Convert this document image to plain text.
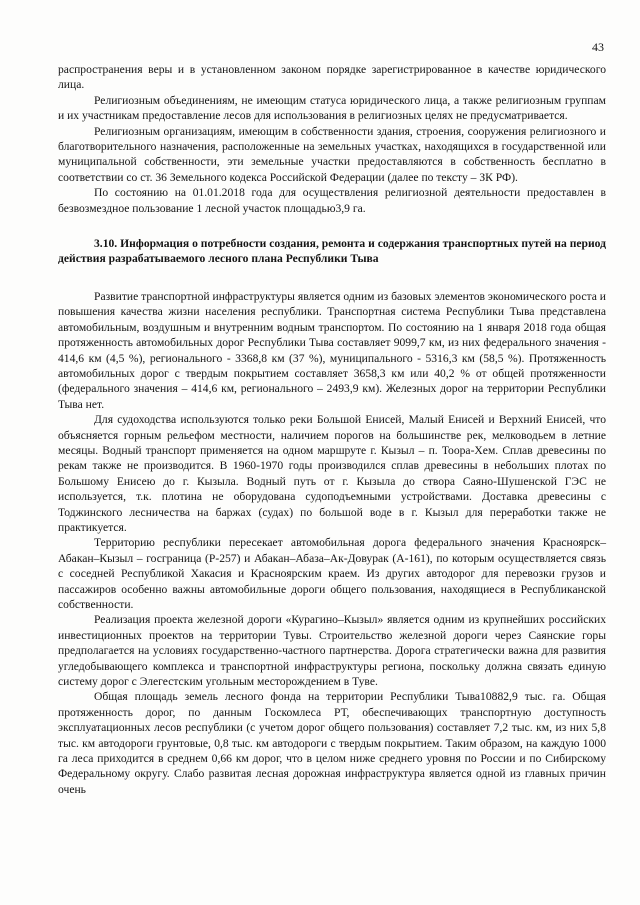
43

распространения веры и в установленном законом порядке зарегистрированное в качестве юридического лица.

Религиозным объединениям, не имеющим статуса юридического лица, а также религиозным группам и их участникам предоставление лесов для использования в религиозных целях не предусматривается.

Религиозным организациям, имеющим в собственности здания, строения, сооружения религиозного и благотворительного назначения, расположенные на земельных участках, находящихся в государственной или муниципальной собственности, эти земельные участки предоставляются в собственность бесплатно в соответствии со ст. 36 Земельного кодекса Российской Федерации (далее по тексту – ЗК РФ).

По состоянию на 01.01.2018 года для осуществления религиозной деятельности предоставлен в безвозмездное пользование 1 лесной участок площадью3,9 га.

3.10. Информация о потребности создания, ремонта и содержания транспортных путей на период действия разрабатываемого лесного плана Республики Тыва

Развитие транспортной инфраструктуры является одним из базовых элементов экономического роста и повышения качества жизни населения республики. Транспортная система Республики Тыва представлена автомобильным, воздушным и внутренним водным транспортом. По состоянию на 1 января 2018 года общая протяженность автомобильных дорог Республики Тыва составляет 9099,7 км, из них федерального значения - 414,6 км (4,5 %), регионального - 3368,8 км (37 %), муниципального - 5316,3 км (58,5 %). Протяженность автомобильных дорог с твердым покрытием составляет 3658,3 км или 40,2 % от общей протяженности (федерального значения – 414,6 км, регионального – 2493,9 км). Железных дорог на территории Республики Тыва нет.

Для судоходства используются только реки Большой Енисей, Малый Енисей и Верхний Енисей, что объясняется горным рельефом местности, наличием порогов на большинстве рек, мелководьем в летние месяцы. Водный транспорт применяется на одном маршруте г. Кызыл – п. Тоора-Хем. Сплав древесины по рекам также не производится. В 1960-1970 годы производился сплав древесины в небольших плотах по Большому Енисею до г. Кызыла. Водный путь от г. Кызыла до створа Саяно-Шушенской ГЭС не используется, т.к. плотина не оборудована судоподъемными устройствами. Доставка древесины с Тоджинского лесничества на баржах (судах) по большой воде в г. Кызыл для переработки также не практикуется.

Территорию республики пересекает автомобильная дорога федерального значения Красноярск–Абакан–Кызыл – госграница (Р-257) и Абакан–Абаза–Ак-Довурак (А-161), по которым осуществляется связь с соседней Республикой Хакасия и Красноярским краем. Из других автодорог для перевозки грузов и пассажиров особенно важны автомобильные дороги общего пользования, находящиеся в Республиканской собственности.

Реализация проекта железной дороги «Курагино–Кызыл» является одним из крупнейших российских инвестиционных проектов на территории Тувы. Строительство железной дороги через Саянские горы предполагается на условиях государственно-частного партнерства. Дорога стратегически важна для развития угледобывающего комплекса и транспортной инфраструктуры региона, поскольку должна связать единую систему дорог с Элегестским угольным месторождением в Туве.

Общая площадь земель лесного фонда на территории Республики Тыва10882,9 тыс. га. Общая протяженность дорог, по данным Госкомлеса РТ, обеспечивающих транспортную доступность эксплуатационных лесов республики (с учетом дорог общего пользования) составляет 7,2 тыс. км, из них 5,8 тыс. км автодороги грунтовые, 0,8 тыс. км автодороги с твердым покрытием. Таким образом, на каждую 1000 га леса приходится в среднем 0,66 км дорог, что в целом ниже среднего уровня по России и по Сибирскому Федеральному округу. Слабо развитая лесная дорожная инфраструктура является одной из главных причин очень
